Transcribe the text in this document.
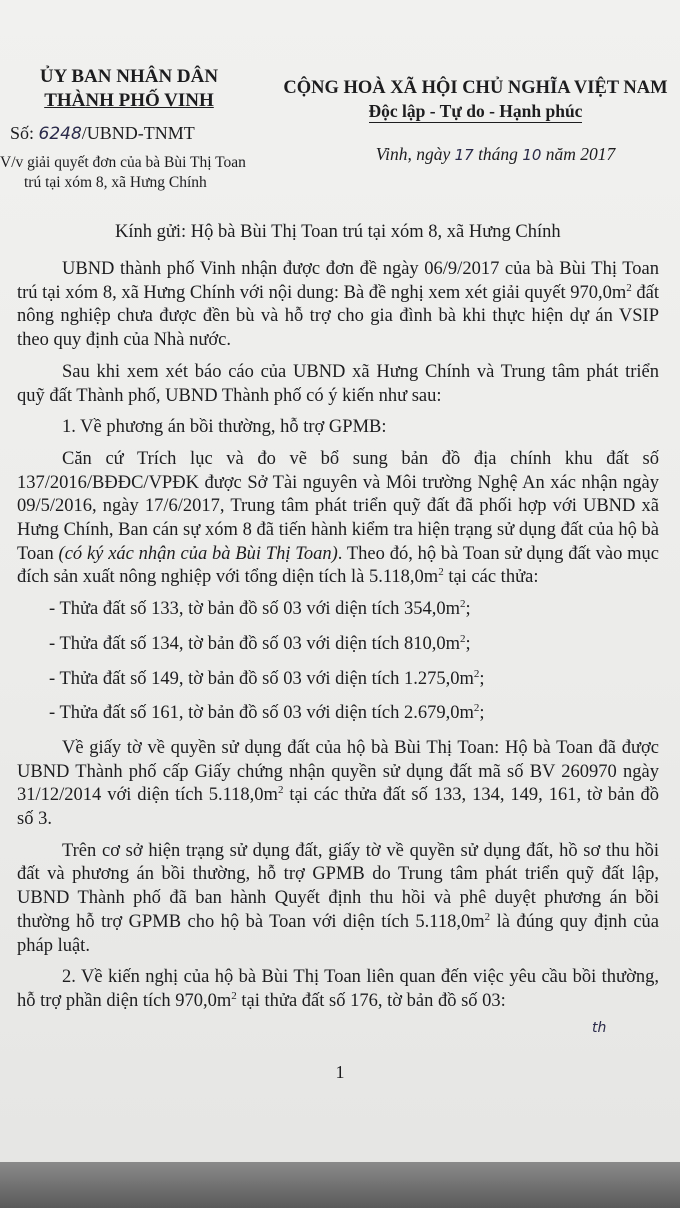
ỦY BAN NHÂN DÂN
THÀNH PHỐ VINH
Số: 6248/UBND-TNMT
V/v giải quyết đơn của bà Bùi Thị Toan
trú tại xóm 8, xã Hưng Chính
CỘNG HOÀ XÃ HỘI CHỦ NGHĨA VIỆT NAM
Độc lập - Tự do - Hạnh phúc
Vinh, ngày 17 tháng 10 năm 2017
Kính gửi: Hộ bà Bùi Thị Toan trú tại xóm 8, xã Hưng Chính

UBND thành phố Vinh nhận được đơn đề ngày 06/9/2017 của bà Bùi Thị Toan trú tại xóm 8, xã Hưng Chính với nội dung: Bà đề nghị xem xét giải quyết $970,0m^2$ đất nông nghiệp chưa được đền bù và hỗ trợ cho gia đình bà khi thực hiện dự án VSIP theo quy định của Nhà nước.

Sau khi xem xét báo cáo của UBND xã Hưng Chính và Trung tâm phát triển quỹ đất Thành phố, UBND Thành phố có ý kiến như sau:

1. Về phương án bồi thường, hỗ trợ GPMB:

Căn cứ Trích lục và đo vẽ bổ sung bản đồ địa chính khu đất số 137/2016/BĐĐC/VPĐK được Sở Tài nguyên và Môi trường Nghệ An xác nhận ngày 09/5/2016, ngày 17/6/2017, Trung tâm phát triển quỹ đất đã phối hợp với UBND xã Hưng Chính, Ban cán sự xóm 8 đã tiến hành kiểm tra hiện trạng sử dụng đất của hộ bà Toan (có ký xác nhận của bà Bùi Thị Toan). Theo đó, hộ bà Toan sử dụng đất vào mục đích sản xuất nông nghiệp với tổng diện tích là $5.118,0m^2$ tại các thửa:

- Thửa đất số 133, tờ bản đồ số 03 với diện tích $354,0m^2$;

- Thửa đất số 134, tờ bản đồ số 03 với diện tích $810,0m^2$;

- Thửa đất số 149, tờ bản đồ số 03 với diện tích $1.275,0m^2$;

- Thửa đất số 161, tờ bản đồ số 03 với diện tích $2.679,0m^2$;

Về giấy tờ về quyền sử dụng đất của hộ bà Bùi Thị Toan: Hộ bà Toan đã được UBND Thành phố cấp Giấy chứng nhận quyền sử dụng đất mã số BV 260970 ngày 31/12/2014 với diện tích $5.118,0m^2$ tại các thửa đất số 133, 134, 149, 161, tờ bản đồ số 3.

Trên cơ sở hiện trạng sử dụng đất, giấy tờ về quyền sử dụng đất, hồ sơ thu hồi đất và phương án bồi thường, hỗ trợ GPMB do Trung tâm phát triển quỹ đất lập, UBND Thành phố đã ban hành Quyết định thu hồi và phê duyệt phương án bồi thường hỗ trợ GPMB cho hộ bà Toan với diện tích $5.118,0m^2$ là đúng quy định của pháp luật.

2. Về kiến nghị của hộ bà Bùi Thị Toan liên quan đến việc yêu cầu bồi thường, hỗ trợ phần diện tích $970,0m^2$ tại thửa đất số 176, tờ bản đồ số 03:

th
1
